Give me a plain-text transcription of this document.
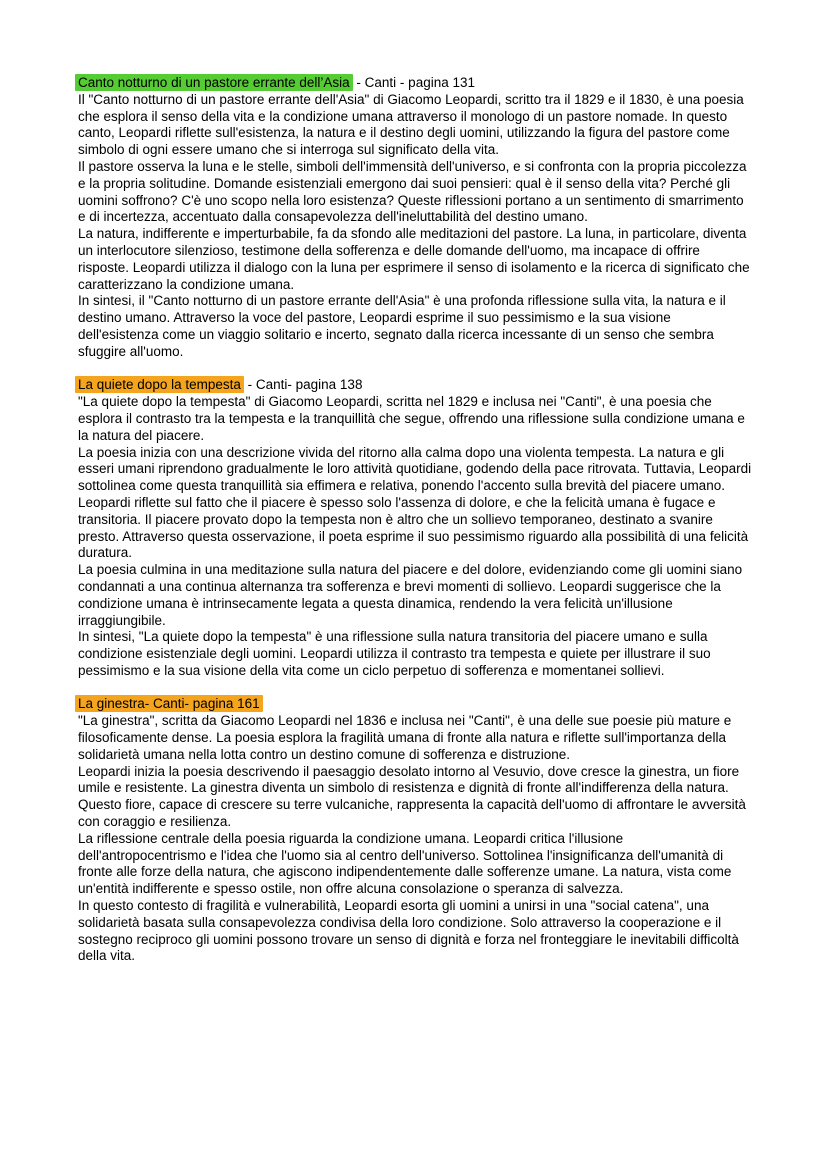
Canto notturno di un pastore errante dell’Asia - Canti - pagina 131

Il "Canto notturno di un pastore errante dell'Asia" di Giacomo Leopardi, scritto tra il 1829 e il 1830, è una poesia che esplora il senso della vita e la condizione umana attraverso il monologo di un pastore nomade. In questo canto, Leopardi riflette sull'esistenza, la natura e il destino degli uomini, utilizzando la figura del pastore come simbolo di ogni essere umano che si interroga sul significato della vita.

Il pastore osserva la luna e le stelle, simboli dell'immensità dell'universo, e si confronta con la propria piccolezza e la propria solitudine. Domande esistenziali emergono dai suoi pensieri: qual è il senso della vita? Perché gli uomini soffrono? C'è uno scopo nella loro esistenza? Queste riflessioni portano a un sentimento di smarrimento e di incertezza, accentuato dalla consapevolezza dell'ineluttabilità del destino umano.

La natura, indifferente e imperturbabile, fa da sfondo alle meditazioni del pastore. La luna, in particolare, diventa un interlocutore silenzioso, testimone della sofferenza e delle domande dell'uomo, ma incapace di offrire risposte. Leopardi utilizza il dialogo con la luna per esprimere il senso di isolamento e la ricerca di significato che caratterizzano la condizione umana.

In sintesi, il "Canto notturno di un pastore errante dell'Asia" è una profonda riflessione sulla vita, la natura e il destino umano. Attraverso la voce del pastore, Leopardi esprime il suo pessimismo e la sua visione dell'esistenza come un viaggio solitario e incerto, segnato dalla ricerca incessante di un senso che sembra sfuggire all'uomo.

La quiete dopo la tempesta - Canti- pagina 138

"La quiete dopo la tempesta" di Giacomo Leopardi, scritta nel 1829 e inclusa nei "Canti", è una poesia che esplora il contrasto tra la tempesta e la tranquillità che segue, offrendo una riflessione sulla condizione umana e la natura del piacere.

La poesia inizia con una descrizione vivida del ritorno alla calma dopo una violenta tempesta. La natura e gli esseri umani riprendono gradualmente le loro attività quotidiane, godendo della pace ritrovata. Tuttavia, Leopardi sottolinea come questa tranquillità sia effimera e relativa, ponendo l'accento sulla brevità del piacere umano.

Leopardi riflette sul fatto che il piacere è spesso solo l'assenza di dolore, e che la felicità umana è fugace e transitoria. Il piacere provato dopo la tempesta non è altro che un sollievo temporaneo, destinato a svanire presto. Attraverso questa osservazione, il poeta esprime il suo pessimismo riguardo alla possibilità di una felicità duratura.

La poesia culmina in una meditazione sulla natura del piacere e del dolore, evidenziando come gli uomini siano condannati a una continua alternanza tra sofferenza e brevi momenti di sollievo. Leopardi suggerisce che la condizione umana è intrinsecamente legata a questa dinamica, rendendo la vera felicità un'illusione irraggiungibile.

In sintesi, "La quiete dopo la tempesta" è una riflessione sulla natura transitoria del piacere umano e sulla condizione esistenziale degli uomini. Leopardi utilizza il contrasto tra tempesta e quiete per illustrare il suo pessimismo e la sua visione della vita come un ciclo perpetuo di sofferenza e momentanei sollievi.

La ginestra- Canti- pagina 161

"La ginestra", scritta da Giacomo Leopardi nel 1836 e inclusa nei "Canti", è una delle sue poesie più mature e filosoficamente dense. La poesia esplora la fragilità umana di fronte alla natura e riflette sull'importanza della solidarietà umana nella lotta contro un destino comune di sofferenza e distruzione.

Leopardi inizia la poesia descrivendo il paesaggio desolato intorno al Vesuvio, dove cresce la ginestra, un fiore umile e resistente. La ginestra diventa un simbolo di resistenza e dignità di fronte all'indifferenza della natura. Questo fiore, capace di crescere su terre vulcaniche, rappresenta la capacità dell'uomo di affrontare le avversità con coraggio e resilienza.

La riflessione centrale della poesia riguarda la condizione umana. Leopardi critica l'illusione dell'antropocentrismo e l'idea che l'uomo sia al centro dell'universo. Sottolinea l'insignificanza dell'umanità di fronte alle forze della natura, che agiscono indipendentemente dalle sofferenze umane. La natura, vista come un'entità indifferente e spesso ostile, non offre alcuna consolazione o speranza di salvezza.

In questo contesto di fragilità e vulnerabilità, Leopardi esorta gli uomini a unirsi in una "social catena", una solidarietà basata sulla consapevolezza condivisa della loro condizione. Solo attraverso la cooperazione e il sostegno reciproco gli uomini possono trovare un senso di dignità e forza nel fronteggiare le inevitabili difficoltà della vita.
